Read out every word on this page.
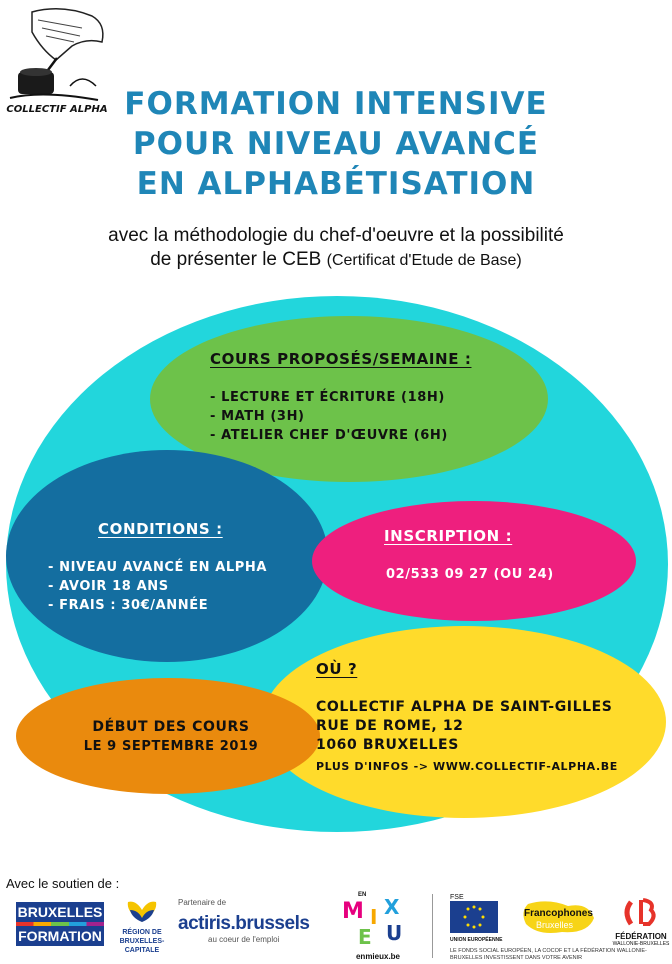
COLLECTIF ALPHA FORMATION INTENSIVE
POUR NIVEAU AVANCÉ
EN ALPHABÉTISATION
avec la méthodologie du chef-d'oeuvre et la possibilité
de présenter le CEB (Certificat d'Etude de Base)
COURS PROPOSÉS/SEMAINE :
- LECTURE ET ÉCRITURE (18H)
- MATH (3H)
- ATELIER CHEF D'ŒUVRE (6H)
CONDITIONS :
- NIVEAU AVANCÉ EN ALPHA
- AVOIR 18 ANS
- FRAIS : 30€/ANNÉE
INSCRIPTION :
02/533 09 27 (OU 24)
DÉBUT DES COURS
LE 9 SEPTEMBRE 2019
OÙ ?
COLLECTIF ALPHA DE SAINT-GILLES
RUE DE ROME, 12
1060 BRUXELLES
PLUS D'INFOS -> WWW.COLLECTIF-ALPHA.BE
Avec le soutien de :
BRUXELLES
FORMATION	RÉGION DE BRUXELLES-CAPITALE
Partenaire de
actiris.brussels
au coeur de l'emploi
EN
M I
E
X
U
enmieux.be
FSE
UNION EUROPÉENNE
Francophones
Bruxelles
FÉDÉRATION
WALLONIE-BRUXELLES
LE FONDS SOCIAL EUROPÉEN, LA COCOF ET LA FÉDÉRATION WALLONIE-BRUXELLES INVESTISSENT DANS VOTRE AVENIR
